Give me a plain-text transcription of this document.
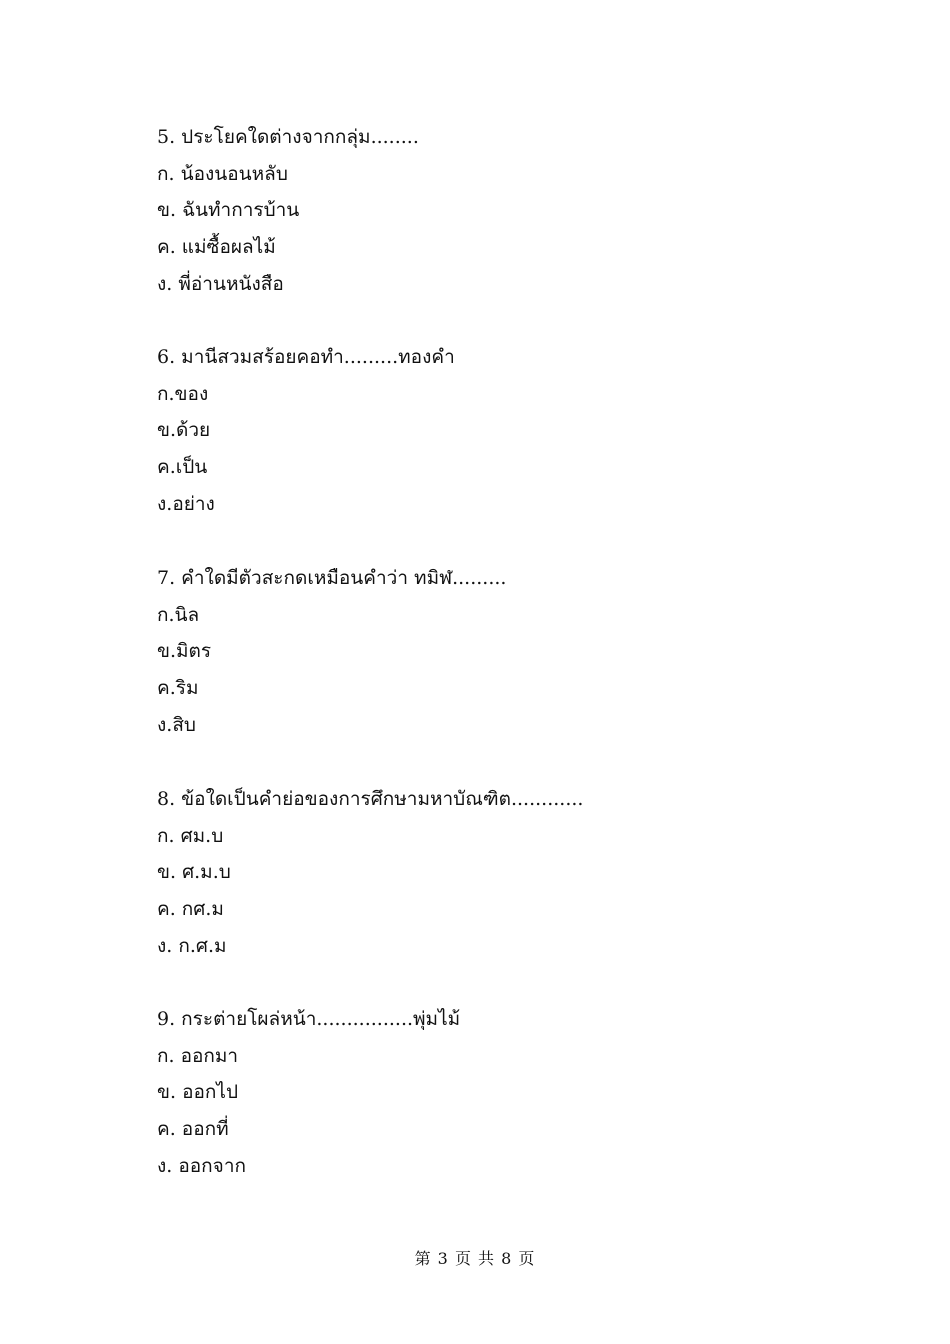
5. ประโยคใดต่างจากกลุ่ม........
ก. น้องนอนหลับ
ข. ฉันทำการบ้าน
ค. แม่ซื้อผลไม้
ง. พี่อ่านหนังสือ
6. มานีสวมสร้อยคอทำ.........ทองคำ
ก.ของ
ข.ด้วย
ค.เป็น
ง.อย่าง
7. คำใดมีตัวสะกดเหมือนคำว่า ทมิฬ.........
ก.นิล
ข.มิตร
ค.ริม
ง.สิบ
8. ข้อใดเป็นคำย่อของการศึกษามหาบัณฑิต............
ก. ศม.บ
ข. ศ.ม.บ
ค. กศ.ม
ง. ก.ศ.ม
9. กระต่ายโผล่หน้า................พุ่มไม้
ก. ออกมา
ข. ออกไป
ค. ออกที่
ง. ออกจาก
第 3 页 共 8 页
